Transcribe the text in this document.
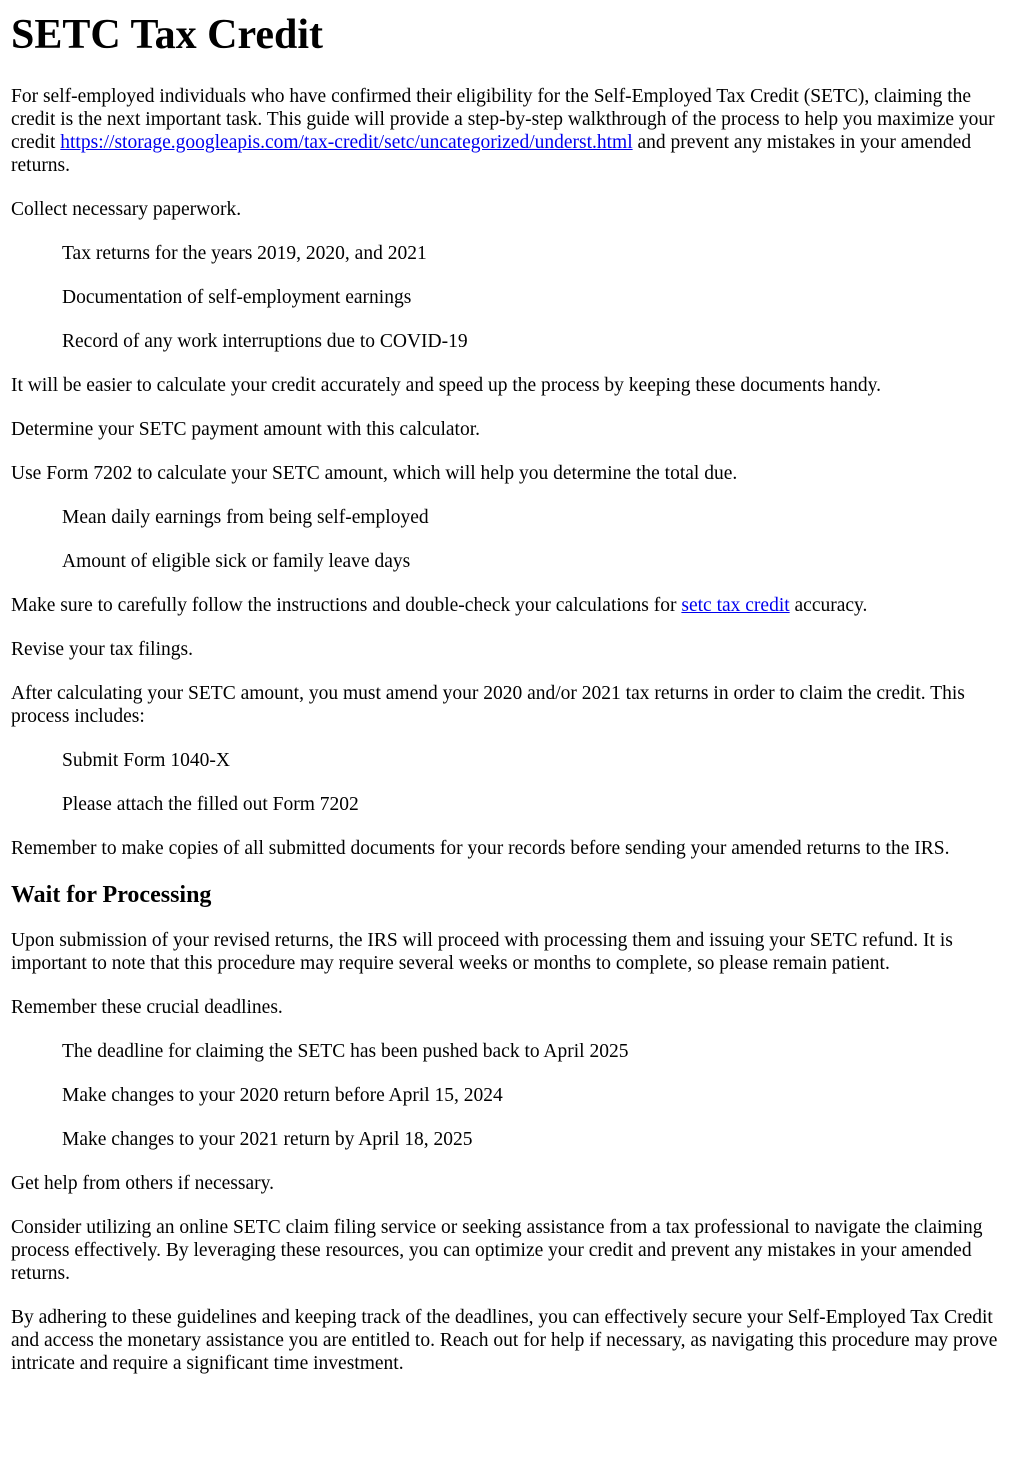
SETC Tax Credit

For self-employed individuals who have confirmed their eligibility for the Self-Employed Tax Credit (SETC), claiming the credit is the next important task. This guide will provide a step-by-step walkthrough of the process to help you maximize your credit https://storage.googleapis.com/tax-credit/setc/uncategorized/underst.html and prevent any mistakes in your amended returns.

Collect necessary paperwork.

Tax returns for the years 2019, 2020, and 2021
Documentation of self-employment earnings
Record of any work interruptions due to COVID-19

It will be easier to calculate your credit accurately and speed up the process by keeping these documents handy.

Determine your SETC payment amount with this calculator.

Use Form 7202 to calculate your SETC amount, which will help you determine the total due.

Mean daily earnings from being self-employed
Amount of eligible sick or family leave days

Make sure to carefully follow the instructions and double-check your calculations for setc tax credit accuracy.

Revise your tax filings.

After calculating your SETC amount, you must amend your 2020 and/or 2021 tax returns in order to claim the credit. This process includes:

Submit Form 1040-X
Please attach the filled out Form 7202

Remember to make copies of all submitted documents for your records before sending your amended returns to the IRS.

Wait for Processing

Upon submission of your revised returns, the IRS will proceed with processing them and issuing your SETC refund. It is important to note that this procedure may require several weeks or months to complete, so please remain patient.

Remember these crucial deadlines.

The deadline for claiming the SETC has been pushed back to April 2025
Make changes to your 2020 return before April 15, 2024
Make changes to your 2021 return by April 18, 2025

Get help from others if necessary.

Consider utilizing an online SETC claim filing service or seeking assistance from a tax professional to navigate the claiming process effectively. By leveraging these resources, you can optimize your credit and prevent any mistakes in your amended returns.

By adhering to these guidelines and keeping track of the deadlines, you can effectively secure your Self-Employed Tax Credit and access the monetary assistance you are entitled to. Reach out for help if necessary, as navigating this procedure may prove intricate and require a significant time investment.
